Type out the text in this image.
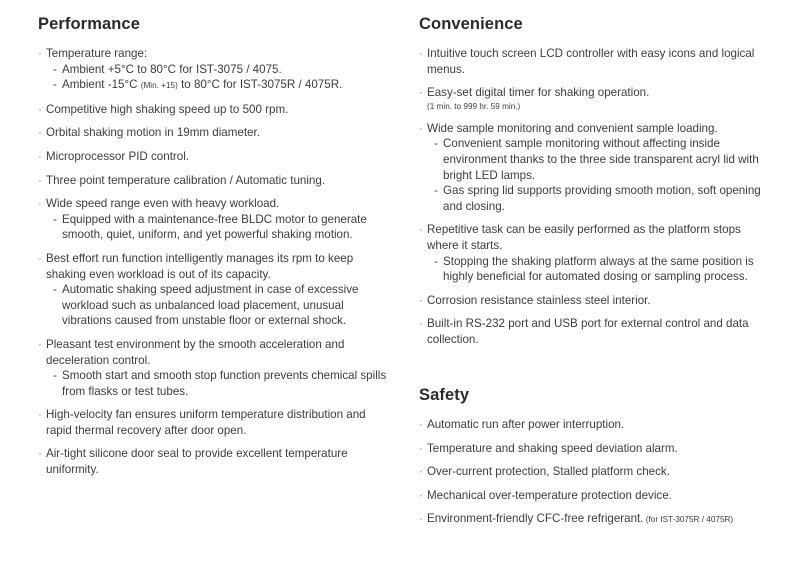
Performance
· Temperature range:
- Ambient +5°C to 80°C for IST-3075 / 4075.
- Ambient -15°C (Min. +15) to 80°C for IST-3075R / 4075R.
· Competitive high shaking speed up to 500 rpm.
· Orbital shaking motion in 19mm diameter.
· Microprocessor PID control.
· Three point temperature calibration / Automatic tuning.
· Wide speed range even with heavy workload.
- Equipped with a maintenance-free BLDC motor to generate smooth, quiet, uniform, and yet powerful shaking motion.
· Best effort run function intelligently manages its rpm to keep shaking even workload is out of its capacity.
- Automatic shaking speed adjustment in case of excessive workload such as unbalanced load placement, unusual vibrations caused from unstable floor or external shock.
· Pleasant test environment by the smooth acceleration and deceleration control.
- Smooth start and smooth stop function prevents chemical spills from flasks or test tubes.
· High-velocity fan ensures uniform temperature distribution and rapid thermal recovery after door open.
· Air-tight silicone door seal to provide excellent temperature uniformity.
Convenience
· Intuitive touch screen LCD controller with easy icons and logical menus.
· Easy-set digital timer for shaking operation.
(1 min. to 999 hr. 59 min.)
· Wide sample monitoring and convenient sample loading.
- Convenient sample monitoring without affecting inside environment thanks to the three side transparent acryl lid with bright LED lamps.
- Gas spring lid supports providing smooth motion, soft opening and closing.
· Repetitive task can be easily performed as the platform stops where it starts.
- Stopping the shaking platform always at the same position is highly beneficial for automated dosing or sampling process.
· Corrosion resistance stainless steel interior.
· Built-in RS-232 port and USB port for external control and data collection.
Safety
· Automatic run after power interruption.
· Temperature and shaking speed deviation alarm.
· Over-current protection, Stalled platform check.
· Mechanical over-temperature protection device.
· Environment-friendly CFC-free refrigerant. (for IST-3075R / 4075R)
